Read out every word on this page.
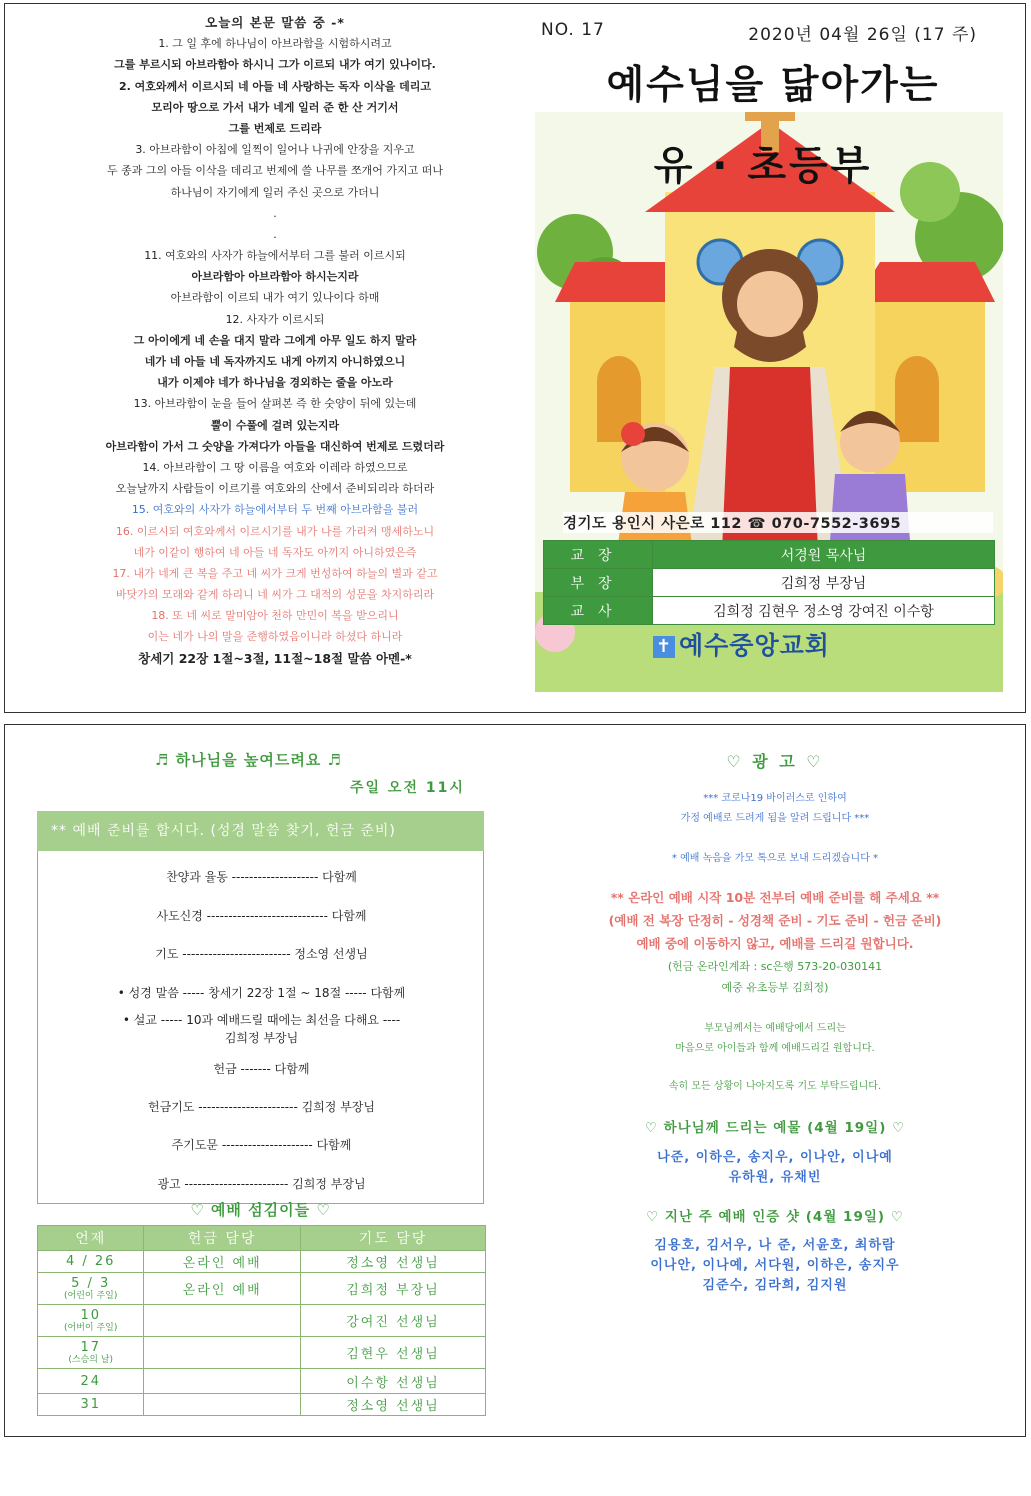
오늘의 본문 말씀 중 -*
1. 그 일 후에 하나님이 아브라함을 시험하시려고
그를 부르시되 아브라함아 하시니 그가 이르되 내가 여기 있나이다.
2. 여호와께서 이르시되 네 아들 네 사랑하는 독자 이삭을 데리고
모리아 땅으로 가서 내가 네게 일러 준 한 산 거기서
그를 번제로 드리라
3. 아브라함이 아침에 일찍이 일어나 나귀에 안장을 지우고
두 종과 그의 아들 이삭을 데리고 번제에 쓸 나무를 쪼개어 가지고 떠나
하나님이 자기에게 일러 주신 곳으로 가더니
.
.
11. 여호와의 사자가 하늘에서부터 그를 불러 이르시되
아브라함아 아브라함아 하시는지라
아브라함이 이르되 내가 여기 있나이다 하매
12. 사자가 이르시되
그 아이에게 네 손을 대지 말라 그에게 아무 일도 하지 말라
네가 네 아들 네 독자까지도 내게 아끼지 아니하였으니
내가 이제야 네가 하나님을 경외하는 줄을 아노라
13. 아브라함이 눈을 들어 살펴본 즉 한 숫양이 뒤에 있는데
뿔이 수풀에 걸려 있는지라
아브라함이 가서 그 숫양을 가져다가 아들을 대신하여 번제로 드렸더라
14. 아브라함이 그 땅 이름을 여호와 이레라 하였으므로
오늘날까지 사람들이 이르기를 여호와의 산에서 준비되리라 하더라
15. 여호와의 사자가 하늘에서부터 두 번째 아브라함을 불러
16. 이르시되 여호와께서 이르시기를 내가 나를 가리켜 맹세하노니
네가 이같이 행하여 네 아들 네 독자도 아끼지 아니하였은즉
17. 내가 네게 큰 복을 주고 네 씨가 크게 번성하여 하늘의 별과 같고
바닷가의 모래와 같게 하리니 네 씨가 그 대적의 성문을 차지하리라
18. 또 네 씨로 말미암아 천하 만민이 복을 받으리니
이는 네가 나의 말을 준행하였음이니라 하셨다 하니라
창세기 22장 1절~3절, 11절~18절 말씀 아멘-*
NO. 17	2020년 04월 26일 (17 주)
예수님을 닮아가는
유 · 초등부
경기도 용인시 사은로 112 ☎ 070-7552-3695
교장	서경원 목사님
부장	김희정 부장님
교사	김희정 김현우 정소영 강여진 이수항
✝ 예수중앙교회
♬ 하나님을 높여드려요 ♬
주일 오전 11시
** 예배 준비를 합시다. (성경 말씀 찾기, 헌금 준비)
찬양과 율동 -------------------- 다함께
사도신경 ---------------------------- 다함께
기도 ------------------------- 정소영 선생님
• 성경 말씀 ----- 창세기 22장 1절 ~ 18절 ----- 다함께
• 설교 ----- 10과 예배드릴 때에는 최선을 다해요 ----
김희정 부장님
헌금 ------- 다함께
헌금기도 ----------------------- 김희정 부장님
주기도문 --------------------- 다함께
광고 ------------------------ 김희정 부장님
♡ 예배 섬김이들 ♡
언제	헌금 담당	기도 담당
4 / 26	온라인 예배	정소영 선생님
5 / 3
(어린이 주일)	온라인 예배	김희정 부장님
10
(어버이 주일)		강여진 선생님
17
(스승의 날)		김현우 선생님
24		이수항 선생님
31		정소영 선생님
♡ 광 고 ♡
*** 코로나19 바이러스로 인하여
가정 예배로 드려게 됨을 알려 드립니다 ***
* 예배 녹음을 가모 톡으로 보내 드리겠습니다 *
** 온라인 예배 시작 10분 전부터 예배 준비를 해 주세요 **
(예배 전 복장 단정히 - 성경책 준비 - 기도 준비 - 헌금 준비)
예배 중에 이동하지 않고, 예배를 드리길 원합니다.
(헌금 온라인계좌 : sc은행 573-20-030141
예중 유초등부 김희정)
부모님께서는 예배당에서 드리는
마음으로 아이들과 함께 예배드리길 원합니다.
속히 모든 상황이 나아지도록 기도 부탁드립니다.
♡ 하나님께 드리는 예물 (4월 19일) ♡
나준, 이하은, 송지우, 이나안, 이나예
유하원, 유채빈
♡ 지난 주 예배 인증 샷 (4월 19일) ♡
김용호, 김서우, 나 준, 서윤호, 최하람
이나안, 이나예, 서다원, 이하은, 송지우
김준수, 김라희, 김지원
